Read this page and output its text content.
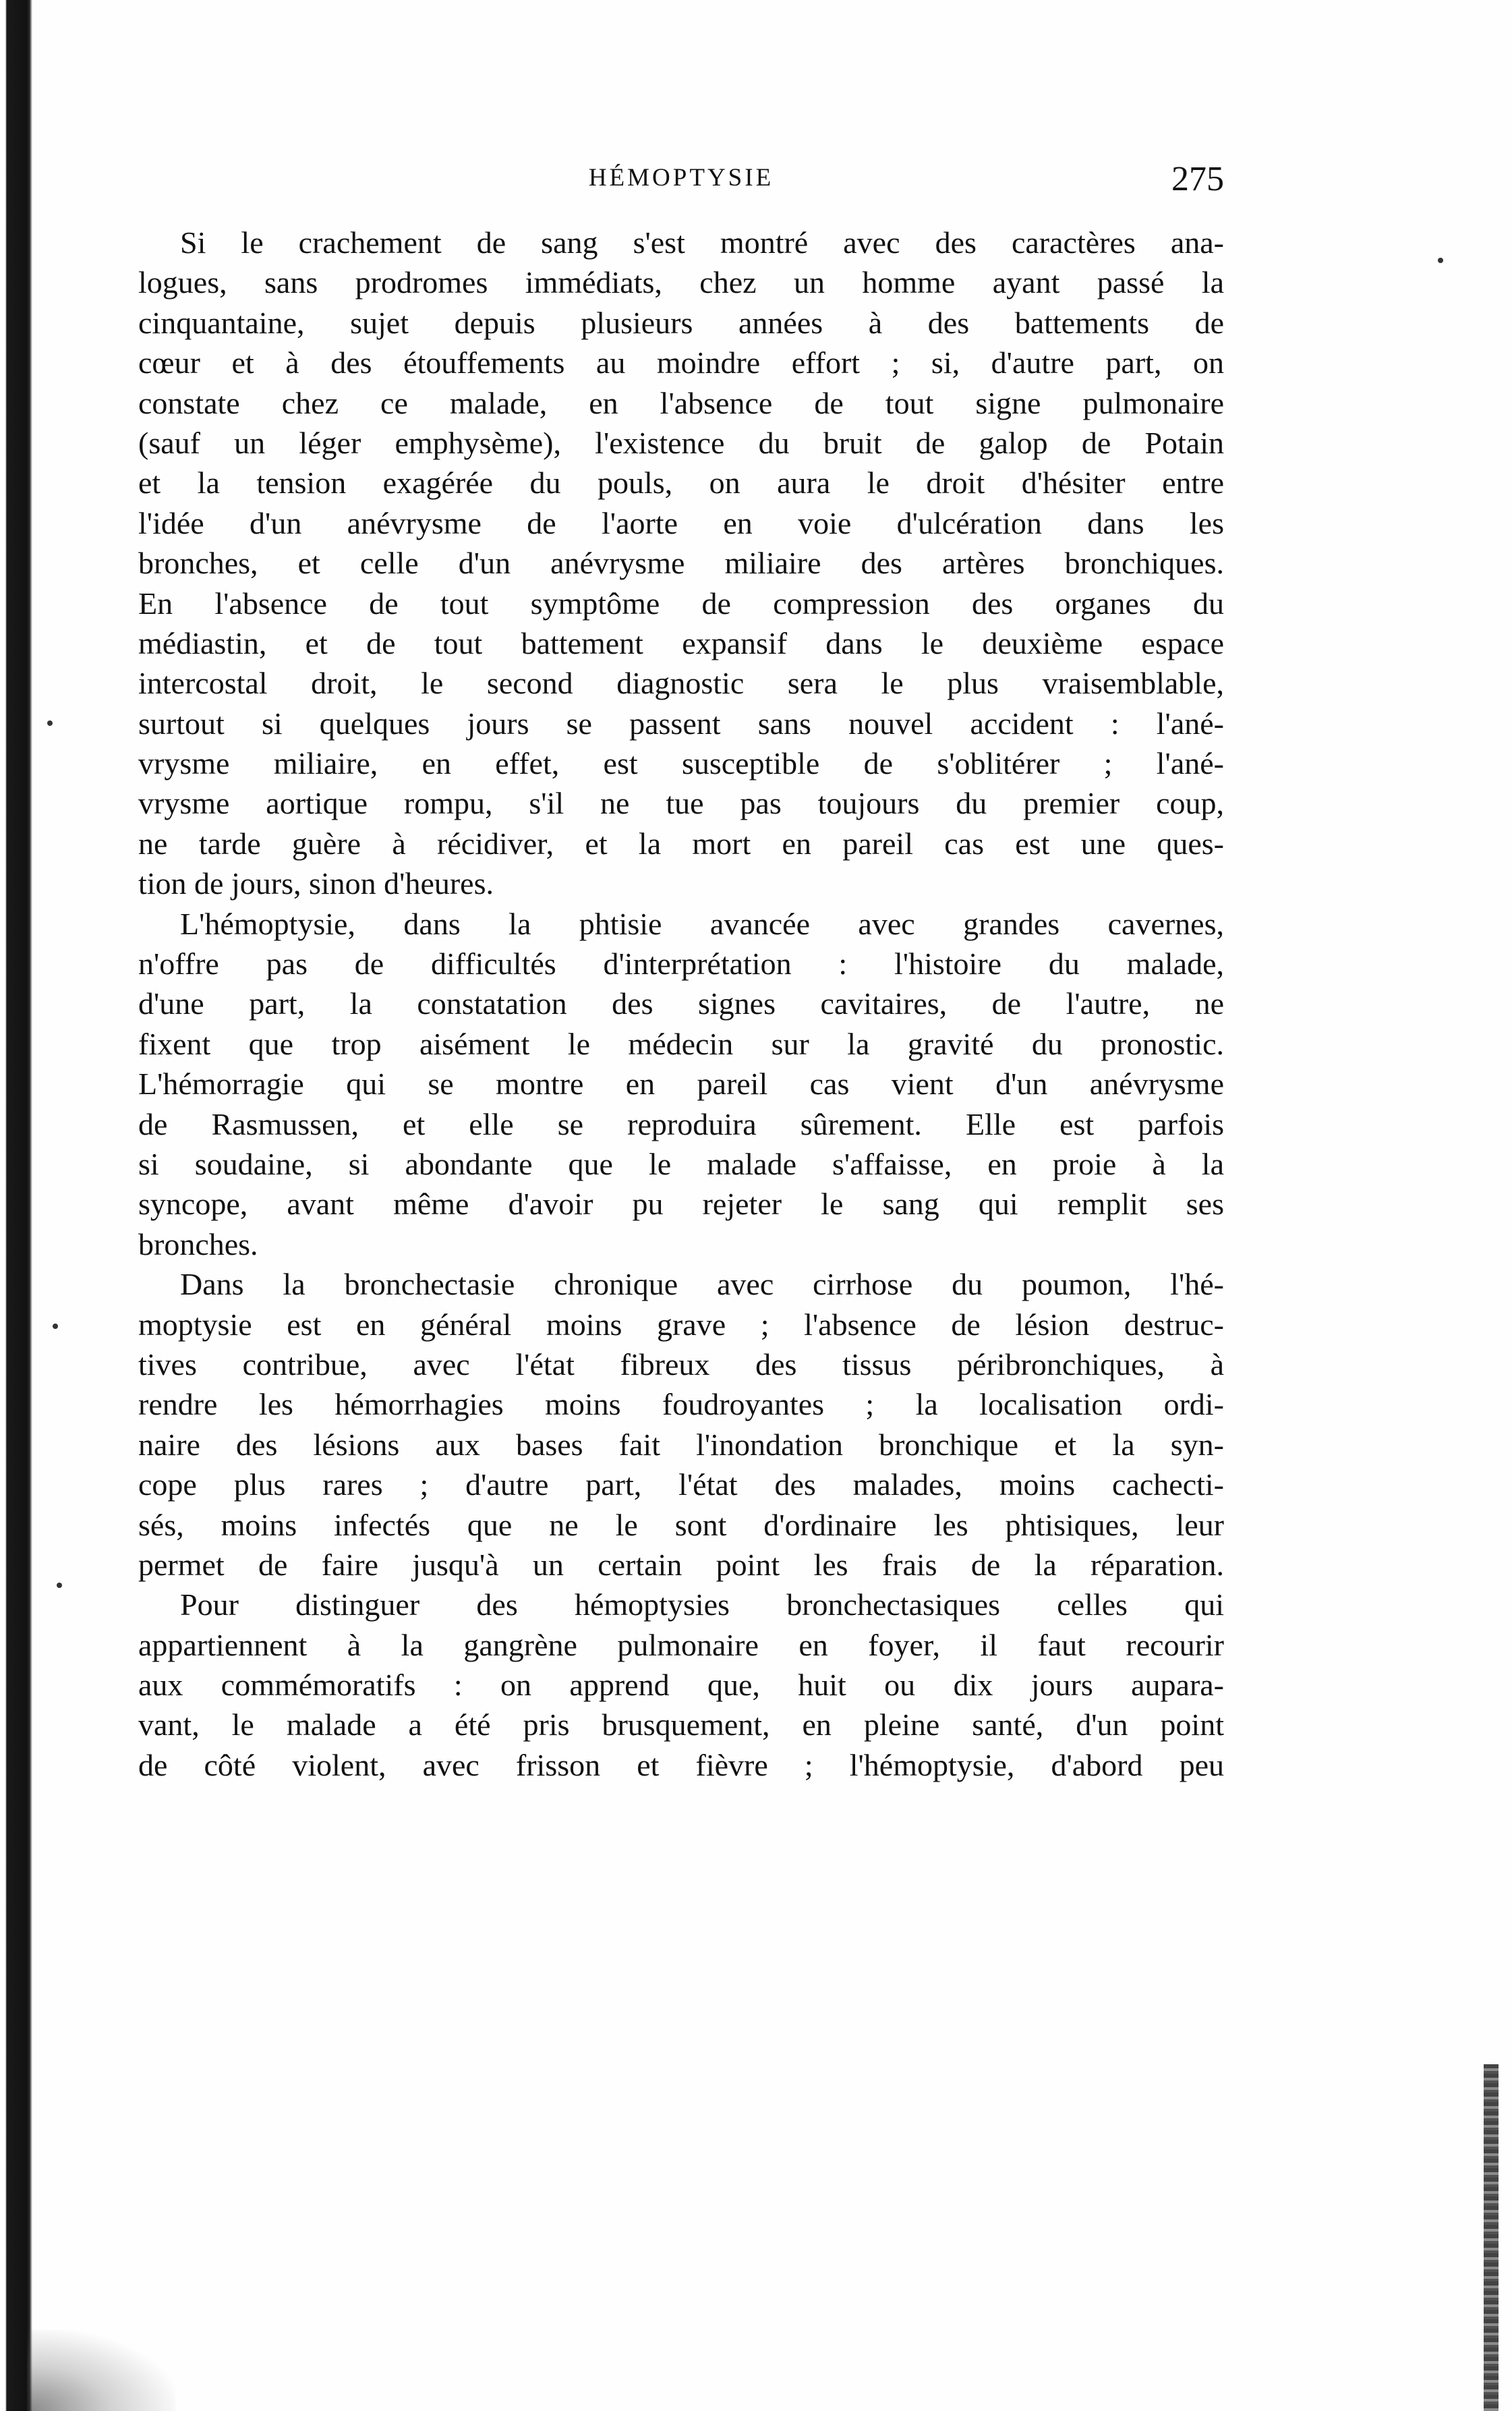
HÉMOPTYSIE	275
Si le crachement de sang s'est montré avec des caractères ana-
logues, sans prodromes immédiats, chez un homme ayant passé la
cinquantaine, sujet depuis plusieurs années à des battements de
cœur et à des étouffements au moindre effort ; si, d'autre part, on
constate chez ce malade, en l'absence de tout signe pulmonaire
(sauf un léger emphysème), l'existence du bruit de galop de Potain
et la tension exagérée du pouls, on aura le droit d'hésiter entre
l'idée d'un anévrysme de l'aorte en voie d'ulcération dans les
bronches, et celle d'un anévrysme miliaire des artères bronchiques.
En l'absence de tout symptôme de compression des organes du
médiastin, et de tout battement expansif dans le deuxième espace
intercostal droit, le second diagnostic sera le plus vraisemblable,
surtout si quelques jours se passent sans nouvel accident : l'ané-
vrysme miliaire, en effet, est susceptible de s'oblitérer ; l'ané-
vrysme aortique rompu, s'il ne tue pas toujours du premier coup,
ne tarde guère à récidiver, et la mort en pareil cas est une ques-
tion de jours, sinon d'heures.
L'hémoptysie, dans la phtisie avancée avec grandes cavernes,
n'offre pas de difficultés d'interprétation : l'histoire du malade,
d'une part, la constatation des signes cavitaires, de l'autre, ne
fixent que trop aisément le médecin sur la gravité du pronostic.
L'hémorragie qui se montre en pareil cas vient d'un anévrysme
de Rasmussen, et elle se reproduira sûrement. Elle est parfois
si soudaine, si abondante que le malade s'affaisse, en proie à la
syncope, avant même d'avoir pu rejeter le sang qui remplit ses
bronches.
Dans la bronchectasie chronique avec cirrhose du poumon, l'hé-
moptysie est en général moins grave ; l'absence de lésion destruc-
tives contribue, avec l'état fibreux des tissus péribronchiques, à
rendre les hémorrhagies moins foudroyantes ; la localisation ordi-
naire des lésions aux bases fait l'inondation bronchique et la syn-
cope plus rares ; d'autre part, l'état des malades, moins cachecti-
sés, moins infectés que ne le sont d'ordinaire les phtisiques, leur
permet de faire jusqu'à un certain point les frais de la réparation.
Pour distinguer des hémoptysies bronchectasiques celles qui
appartiennent à la gangrène pulmonaire en foyer, il faut recourir
aux commémoratifs : on apprend que, huit ou dix jours aupara-
vant, le malade a été pris brusquement, en pleine santé, d'un point
de côté violent, avec frisson et fièvre ; l'hémoptysie, d'abord peu
